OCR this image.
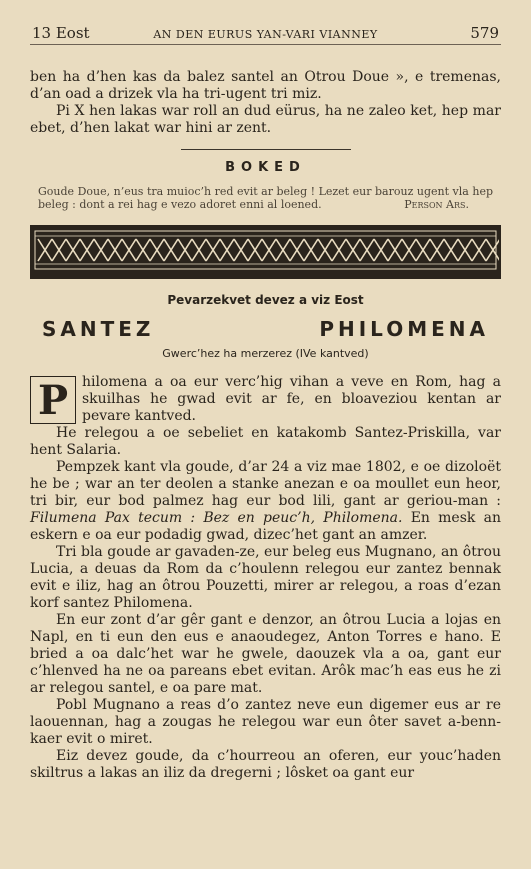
13 Eost	AN DEN EURUS YAN-VARI VIANNEY	579

ben ha d’hen kas da balez santel an Otrou Doue », e tremenas, d’an oad a drizek vla ha tri-ugent tri miz.

Pi X hen lakas war roll an dud eürus, ha ne zaleo ket, hep mar ebet, d’hen lakat war hini ar zent.

BOKED
Goude Doue, n’eus tra muioc’h red evit ar beleg ! Lezet eur barouz ugent vla hep beleg : dont a rei hag e vezo adoret enni al loened.	Person Ars.
Pevarzekvet devez a viz Eost
SANTEZ	PHILOMENA
Gwerc’hez ha merzerez (IVe kantved)
P hilomena a oa eur verc’hig vihan a veve en Rom, hag a skuilhas he gwad evit ar fe, en bloaveziou kentan ar pevare kantved.

He relegou a oe sebeliet en katakomb Santez-Priskilla, var hent Salaria.

Pempzek kant vla goude, d’ar 24 a viz mae 1802, e oe dizoloët he be ; war an ter deolen a stanke anezan e oa moullet eun heor, tri bir, eur bod palmez hag eur bod lili, gant ar geriou-man : Filumena Pax tecum : Bez en peuc’h, Philomena. En mesk an eskern e oa eur podadig gwad, dizec’het gant an amzer.

Tri bla goude ar gavaden-ze, eur beleg eus Mugnano, an ôtrou Lucia, a deuas da Rom da c’houlenn relegou eur zantez bennak evit e iliz, hag an ôtrou Pouzetti, mirer ar relegou, a roas d’ezan korf santez Philomena.

En eur zont d’ar gêr gant e denzor, an ôtrou Lucia a lojas en Napl, en ti eun den eus e anaoudegez, Anton Torres e hano. E bried a oa dalc’het war he gwele, daouzek vla a oa, gant eur c’hlenved ha ne oa pareans ebet evitan. Arôk mac’h eas eus he zi ar relegou santel, e oa pare mat.

Pobl Mugnano a reas d’o zantez neve eun digemer eus ar re laouennan, hag a zougas he relegou war eun ôter savet a-benn-kaer evit o miret.

Eiz devez goude, da c’hourreou an oferen, eur youc’haden skiltrus a lakas an iliz da dregerni ; lôsket oa gant eur
